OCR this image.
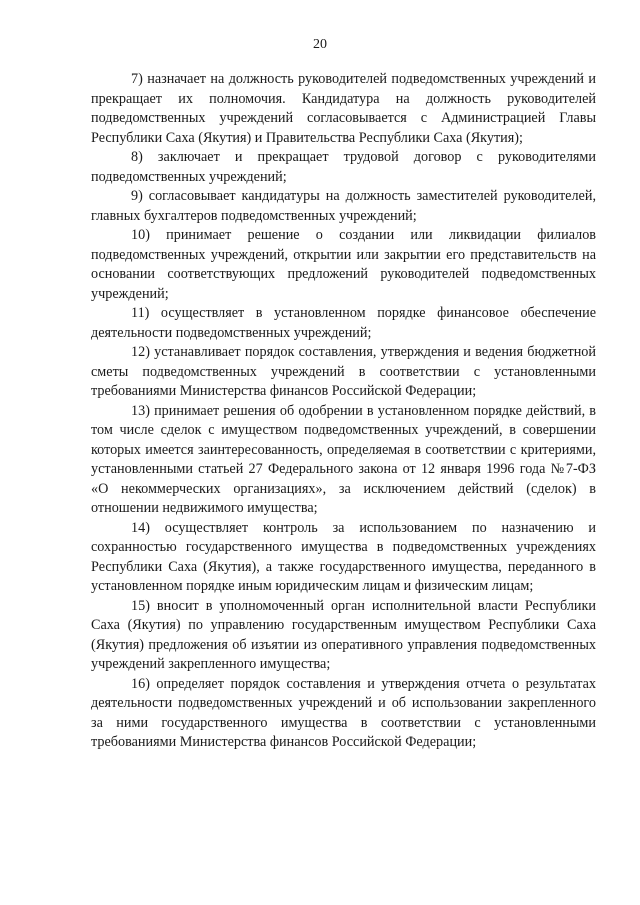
20

7) назначает на должность руководителей подведомственных учреждений и прекращает их полномочия. Кандидатура на должность руководителей подведомственных учреждений согласовывается с Администрацией Главы Республики Саха (Якутия) и Правительства Республики Саха (Якутия);

8) заключает и прекращает трудовой договор с руководителями подведомственных учреждений;

9) согласовывает кандидатуры на должность заместителей руководителей, главных бухгалтеров подведомственных учреждений;

10) принимает решение о создании или ликвидации филиалов подведомственных учреждений, открытии или закрытии его представительств на основании соответствующих предложений руководителей подведомственных учреждений;

11) осуществляет в установленном порядке финансовое обеспечение деятельности подведомственных учреждений;

12) устанавливает порядок составления, утверждения и ведения бюджетной сметы подведомственных учреждений в соответствии с установленными требованиями Министерства финансов Российской Федерации;

13) принимает решения об одобрении в установленном порядке действий, в том числе сделок с имуществом подведомственных учреждений, в совершении которых имеется заинтересованность, определяемая в соответствии с критериями, установленными статьей 27 Федерального закона от 12 января 1996 года №7-ФЗ «О некоммерческих организациях», за исключением действий (сделок) в отношении недвижимого имущества;

14) осуществляет контроль за использованием по назначению и сохранностью государственного имущества в подведомственных учреждениях Республики Саха (Якутия), а также государственного имущества, переданного в установленном порядке иным юридическим лицам и физическим лицам;

15) вносит в уполномоченный орган исполнительной власти Республики Саха (Якутия) по управлению государственным имуществом Республики Саха (Якутия) предложения об изъятии из оперативного управления подведомственных учреждений закрепленного имущества;

16) определяет порядок составления и утверждения отчета о результатах деятельности подведомственных учреждений и об использовании закрепленного за ними государственного имущества в соответствии с установленными требованиями Министерства финансов Российской Федерации;
